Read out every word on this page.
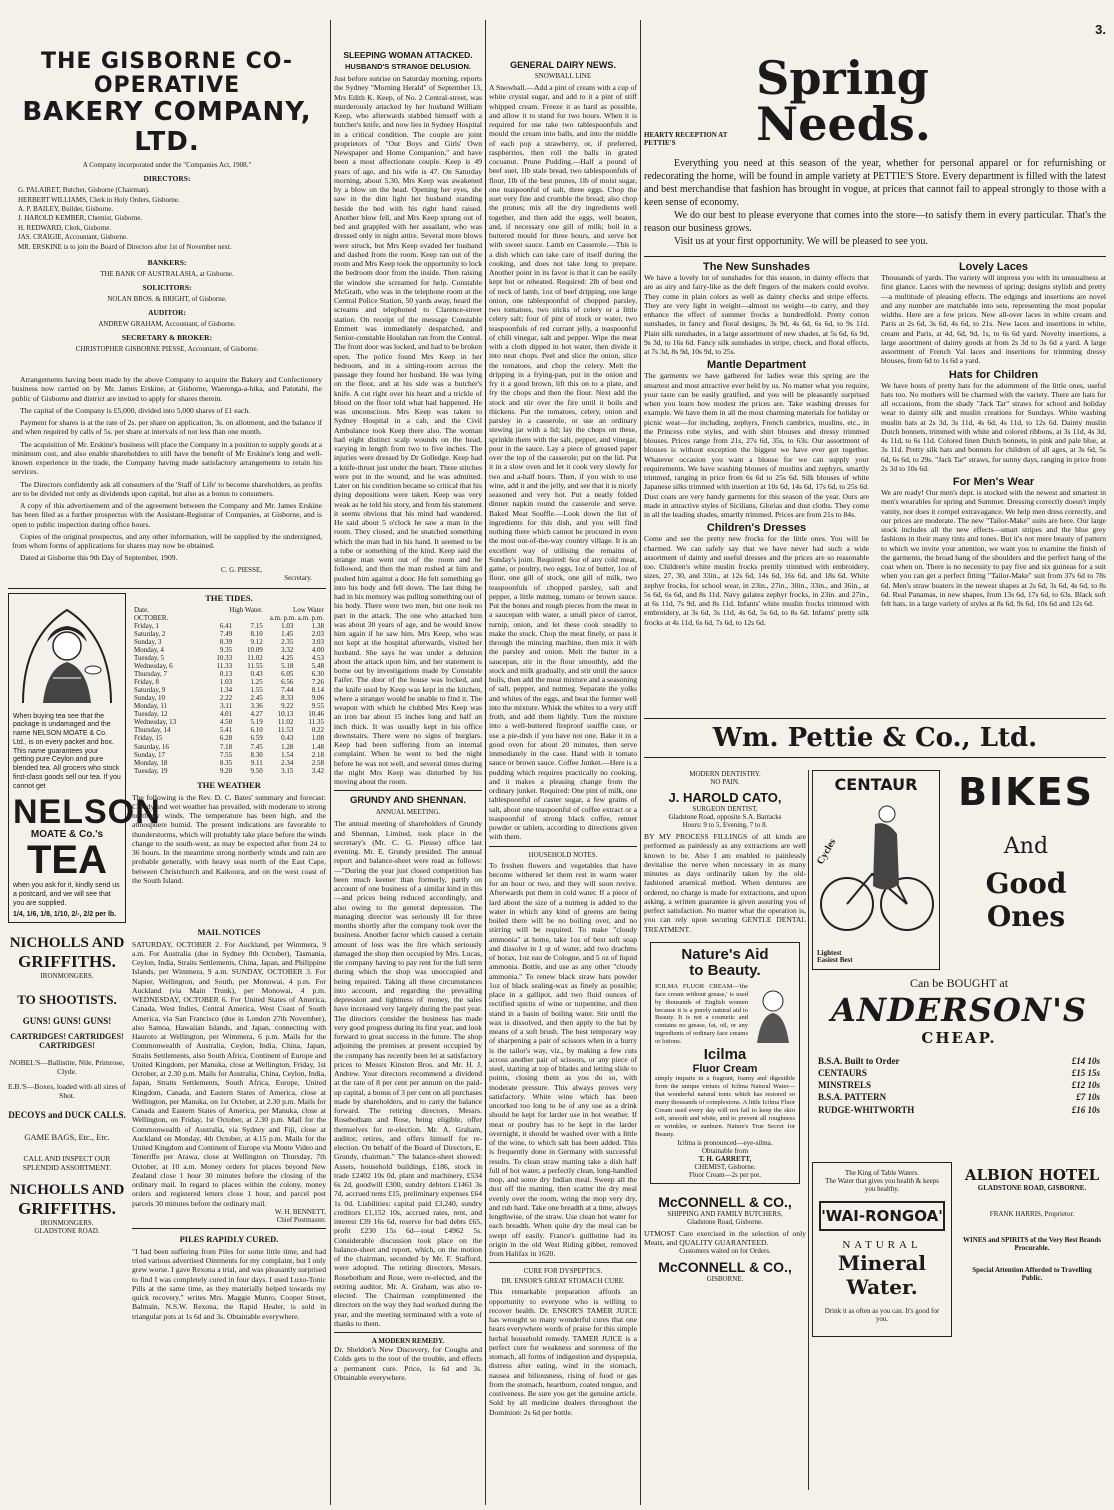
3.
THE GISBORNE CO-OPERATIVE
BAKERY COMPANY, LTD.
A Company incorporated under the "Companies Act, 1908."
DIRECTORS:
G. PALAIRET, Butcher, Gisborne (Chairman).
HERBERT WILLIAMS, Clerk in Holy Orders, Gisborne.
A. P. BAILEY, Builder, Gisborne.
J. HAROLD KEMBER, Chemist, Gisborne.
H. REDWARD, Clerk, Gisborne.
JAS. CRAIGIE, Accountant, Gisborne.
MR. ERSKINE is to join the Board of Directors after 1st of November next.
BANKERS:
THE BANK OF AUSTRALASIA, at Gisborne.
SOLICITORS:
NOLAN BROS. & BRIGHT, of Gisborne.
AUDITOR:
ANDREW GRAHAM, Accountant, of Gisborne.
SECRETARY & BROKER:
CHRISTOPHER GISBORNE PIESSE, Accountant, of Gisborne.

Arrangements having been made by the above Company to acquire the Bakery and Confectionery business now carried on by Mr. James Erskine, at Gisborne, Waerenga-a-hika, and Patutahi, the public of Gisborne and district are invited to apply for shares therein.

The capital of the Company is £5,000, divided into 5,000 shares of £1 each.

Payment for shares is at the rate of 2s. per share on application, 3s. on allotment, and the balance if and when required by calls of 5s. per share at intervals of not less than one month.

The acquisition of Mr. Erskine's business will place the Company in a position to supply goods at a minimum cost, and also enable shareholders to still have the benefit of Mr Erskine's long and well-known experience in the trade, the Company having made satisfactory arrangements to retain his services.

The Directors confidently ask all consumers of the 'Staff of Life' to become shareholders, as profits are to be divided not only as dividends upon capital, but also as a bonus to consumers.

A copy of this advertisement and of the agreement between the Company and Mr. James Erskine has been filed as a further prospectus with the Assistant-Registrar of Companies, at Gisborne, and is open to public inspection during office hours.

Copies of the original prospectus, and any other information, will be supplied by the undersigned, from whom forms of applications for shares may now be obtained.

Dated at Gisborne this 9th Day of September, 1909.

C. G. PIESSE,
Secretary.
When buying tea see that the package is undamaged and the name NELSON MOATE & Co. Ltd., is on every packet and box. This name guarantees your getting pure Ceylon and pure blended tea. All grocers who stock first-class goods sell our tea. If you cannot get
NELSON
MOATE & Co.'s
TEA
when you ask for it, kindly send us a postcard, and we will see that you are supplied.
1/4, 1/6, 1/8, 1/10, 2/-, 2/2 per lb.
THE TIDES.
Date.	High Water.		Low Water	
OCTOBER.	a.m. p.m. a.m. p.m.			
Friday, 1	6.41	7.15	1.03	1.38
Saturday, 2	7.49	8.10	1.45	2.03
Sunday, 3	8.39	9.12	2.35	3.03
Monday, 4	9.35	10.09	3.32	4.00
Tuesday, 5	10.33	11.02	4.25	4.53
Wednesday, 6	11.33	11.55	5.18	5.48
Thursday, 7	0.13	0.43	6.05	6.30
Friday, 8	1.03	1.25	6.56	7.26
Saturday, 9	1.34	1.55	7.44	8.14
Sunday, 10	2.22	2.45	8.33	9.06
Monday, 11	3.11	3.36	9.22	9.55
Tuesday, 12	4.01	4.27	10.13	10.46
Wednesday, 13	4.50	5.19	11.02	11.35
Thursday, 14	5.41	6.10	11.53	0.22
Friday, 15	6.28	6.59	0.43	1.08
Saturday, 16	7.18	7.45	1.28	1.48
Sunday, 17	7.55	8.30	1.54	2.18
Monday, 18	8.35	9.11	2.34	2.58
Tuesday, 19	9.20	9.50	3.15	3.42
THE WEATHER
The following is the Rev. D. C. Bates' summary and forecast: Cloudy and wet weather has prevailed, with moderate to strong northerly winds. The temperature has been high, and the atmosphere humid. The present indications are favorable to thunderstorms, which will probably take place before the winds change to the south-west, as may be expected after from 24 to 36 hours. In the meantime strong northerly winds and rain are probable generally, with heavy seas north of the East Cape, between Christchurch and Kaikoura, and on the west coast of the South Island.
NICHOLLS AND
GRIFFITHS.
IRONMONGERS.
TO SHOOTISTS.
GUNS! GUNS! GUNS!
CARTRIDGES! CARTRIDGES! CARTRIDGES!
NOBEL'S—Ballistite, Nile, Primrose, Clyde.
E.B.'S—Boxes, loaded with all sizes of Shot.
DECOYS and DUCK CALLS.
GAME BAGS, Etc., Etc.
CALL AND INSPECT OUR SPLENDID ASSORTMENT.
NICHOLLS AND
GRIFFITHS.
IRONMONGERS.
GLADSTONE ROAD.
MAIL NOTICES
SATURDAY, OCTOBER 2. For Auckland, per Wimmera, 9 a.m. For Australia (due in Sydney 8th October), Tasmania, Ceylon, India, Straits Settlements, China, Japan, and Philippine Islands, per Wimmera, 9 a.m. SUNDAY, OCTOBER 3. For Napier, Wellington, and South, per Monowai, 4 p.m. For Auckland (via Main Trunk), per Monowai, 4 p.m. WEDNESDAY, OCTOBER 6. For United States of America, Canada, West Indies, Central America, West Coast of South America, via San Francisco (due in London 27th November), also Samoa, Hawaiian Islands, and Japan, connecting with Hauroto at Wellington, per Wimmera, 6 p.m. Mails for the Commonwealth of Australia, Ceylon, India, China, Japan, Straits Settlements, also South Africa, Continent of Europe and United Kingdom, per Manuka, close at Wellington, Friday, 1st October, at 2.30 p.m. Mails for Australia, China, Ceylon, India, Japan, Straits Settlements, South Africa, Europe, United Kingdom, Canada, and Eastern States of America, close at Wellington, per Manuka, on 1st October, at 2.30 p.m. Mails for Canada and Eastern States of America, per Manuka, close at Wellington, on Friday, 1st October, at 2.30 p.m. Mail for the Commonwealth of Australia, via Sydney and Fiji, close at Auckland on Monday, 4th October, at 4.15 p.m. Mails for the United Kingdom and Continent of Europe via Monte Video and Teneriffe per Arawa, close at Wellington on Thursday, 7th October, at 10 a.m. Money orders for places beyond New Zealand close 1 hour 30 minutes before the closing of the ordinary mail. In regard to places within the colony, money orders and registered letters close 1 hour, and parcel post parcels 30 minutes before the ordinary mail.
W. H. BENNETT,
Chief Postmaster.
PILES RAPIDLY CURED.
"I had been suffering from Piles for some little time, and had tried various advertised Ointments for my complaint, but I only grew worse. I gave Rexona a trial, and was pleasantly surprised to find I was completely cured in four days. I used Luxo-Tonic Pills at the same time, as they materially helped towards my quick recovery." writes Mrs. Maggie Munro, Cooper Street, Balmain, N.S.W. Rexona, the Rapid Healer, is sold in triangular pots at 1s 6d and 3s. Obtainable everywhere.
SLEEPING WOMAN ATTACKED.
HUSBAND'S STRANGE DELUSION.
Just before sunrise on Saturday morning, reports the Sydney "Morning Herald" of September 13, Mrs Edith K. Keep, of No. 2 Central-street, was murderously attacked by her husband William Keep, who afterwards stabbed himself with a butcher's knife, and now lies in Sydney Hospital in a critical condition. The couple are joint proprietors of "Our Boys and Girls' Own Newspaper and Home Companion," and have been a most affectionate couple. Keep is 49 years of age, and his wife is 47. On Saturday morning, about 5.30, Mrs Keep was awakened by a blow on the head. Opening her eyes, she saw in the dim light her husband standing beside the bed with his right hand raised. Another blow fell, and Mrs Keep sprang out of bed and grappled with her assailant, who was dressed only in night attire. Several more blows were struck, but Mrs Keep evaded her husband and dashed from the room. Keep ran out of the room and Mrs Keep took the opportunity to lock the bedroom door from the inside. Then raising the window she screamed for help. Constable McGrath, who was in the telephone room at the Central Police Station, 50 yards away, heard the screams and telephoned to Clarence-street station. On receipt of the message Constable Emmett was immediately despatched, and Senior-constable Houlahan ran from the Central. The front door was locked, and had to be broken open. The police found Mrs Keep in her bedroom, and in a sitting-room across the passage they found her husband. He was lying on the floor, and at his side was a butcher's knife. A cut right over his heart and a trickle of blood on the floor told what had happened. He was unconscious. Mrs Keep was taken to Sydney Hospital in a cab, and the Civil Ambulance took Keep there also. The woman had eight distinct scalp wounds on the head, varying in length from two to five inches. The injuries were dressed by Dr Golledge. Keep had a knife-thrust just under the heart. Three stitches were put in the wound, and he was admitted. Later on his condition became so critical that his dying depositions were taken. Keep was very weak as he told his story, and from his statement it seems obvious that his mind had wandered. He said about 5 o'clock he saw a man in the room. They closed, and he snatched something which the man had in his hand. It seemed to be a tube or something of the kind. Keep said the strange man went out of the room and he followed, and then the man rushed at him and pushed him against a door. He felt something go into his body and fell down. The last thing he had in his memory was pulling something out of his body. There were two men, but one took no part in the attack. The one who attacked him was about 30 years of age, and he would know him again if he saw him. Mrs Keep, who was not kept at the hospital afterwards, visited her husband. She says he was under a delusion about the attack upon him, and her statement is borne out by investigations made by Constable Faifer. The door of the house was locked, and the knife used by Keep was kept in the kitchen, where a stranger would be unable to find it. The weapon with which he clubbed Mrs Keep was an iron bar about 15 inches long and half an inch thick. It was usually kept in his office downstairs. There were no signs of burglars. Keep had been suffering from an internal complaint. When he went to bed the night before he was not well, and several times during the night Mrs Keep was disturbed by his moving about the room.
GRUNDY AND SHENNAN.
ANNUAL MEETING.
The annual meeting of shareholders of Grundy and Shennan, Limited, took place in the secretary's (Mr. C. G. Piesse) office last evening. Mr. E. Grundy presided. The annual report and balance-sheet were read as follows:—"During the year just closed competition has been much keener than formerly, partly on account of one business of a similar kind in this—and prices being reduced accordingly, and also owing to the general depression. The managing director was seriously ill for three months shortly after the company took over the business. Another factor which caused a certain amount of loss was the fire which seriously damaged the shop then occupied by Mrs. Lucas, the company having to pay rent for the full term during which the shop was unoccupied and being repaired. Taking all these circumstances into account, and regarding the prevailing depression and tightness of money, the sales have increased very largely during the past year. The directors consider the business has made very good progress during its first year, and look forward to great success in the future. The shop adjoining the premises at present occupied by the company has recently been let at satisfactory prices to Messrs Kinston Bros. and Mr. H. J. Andrew. Your directors recommend a dividend at the rate of 8 per cent per annum on the paid-up capital, a bonus of 3 per cent on all purchases made by shareholders, and to carry the balance forward. The retiring directors, Messrs. Rosebotham and Rose, being eligible, offer themselves for re-election. Mr. A. Graham, auditor, retires, and offers himself for re-election. On behalf of the Board of Directors, E. Grundy, chairman." The balance-sheet showed: Assets, household buildings, £186, stock in trade £2402 10s 0d, plant and machinery, £534 6s 2d, goodwill £300, sundry debtors £1461 3s 7d, accrued rents £15, preliminary expenses £64 1s 0d. Liabilities: capital paid £3,240, sundry creditors £1,152 10s, accrued rates, rent, and interest £39 16s 6d, reserve for bad debts £65, profit £230 15s 6d—total £4962 5s. Considerable discussion took place on the balance-sheet and report, which, on the motion of the chairman, seconded by Mr. F. Stafford, were adopted. The retiring directors, Messrs. Rosebotham and Rose, were re-elected, and the retiring auditor, Mr. A. Graham, was also re-elected. The Chairman complimented the directors on the way they had worked during the year, and the meeting terminated with a vote of thanks to them.
A MODERN REMEDY.
Dr. Sheldon's New Discovery, for Coughs and Colds gets to the root of the trouble, and effects a permanent cure. Price, 1s 6d and 3s. Obtainable everywhere.
GENERAL DAIRY NEWS.
SNOWBALL LINE
A Snowball.—Add a pint of cream with a cup of white crystal sugar, and add to it a pint of stiff whipped cream. Freeze it as hard as possible, and allow it to stand for two hours. When it is required for use take two tablespoonfuls and mould the cream into balls, and into the middle of each pop a strawberry, or, if preferred, raspberries, then roll the balls in grated cocoanut. Prune Pudding.—Half a pound of beef suet, 1lb stale bread, two tablespoonfuls of flour, 1lb of the best prunes, 1lb of moist sugar, one teaspoonful of salt, three eggs. Chop the suet very fine and crumble the bread; also chop the prunes; mix all the dry ingredients well together, and then add the eggs, well beaten, and, if necessary one gill of milk; boil in a buttered mould for three hours, and serve hot with sweet sauce. Lamb en Casserole.—This is a dish which can take care of itself during the cooking, and does not take long to prepare. Another point in its favor is that it can be easily kept hot or reheated. Required: 2lb of best end of neck of lamb, 1oz of beef dripping, one large onion, one tablespoonful of chopped parsley, two tomatoes, two sticks of celery or a little celery salt; four of pint of stock or water, two teaspoonfuls of red currant jelly, a teaspoonful of chili vinegar, salt and pepper. Wipe the meat with a cloth dipped in hot water, then divide it into neat chops. Peel and slice the onion, slice the tomatoes, and chop the celery. Melt the dripping in a frying-pan, put in the onion and fry it a good brown, lift this on to a plate, and fry the chops and then the flour. Next add the stock and stir over the fire until it boils and thickens. Put the tomatoes, celery, onion and parsley in a casserole, or use an ordinary stewing jar with a lid; lay the chops on these, sprinkle them with the salt, pepper, and vinegar, pour in the sauce. Lay a piece of greased paper over the top of the casserole; put on the lid. Put it in a slow oven and let it cook very slowly for two and a-half hours. Then, if you wish to use wine, add it and the jelly, and see that it is nicely seasoned and very hot. Put a neatly folded dinner napkin round the casserole and serve. Baked Meat Souffle.—Look down the list of ingredients for this dish, and you will find nothing there which cannot be procured in even the most out-of-the-way country village. It is an excellent way of utilising the remains of Sunday's joint. Required: 6oz of any cold meat, game, or poultry, two eggs, 1oz of butter, 1oz of flour, one gill of stock, one gill of milk, two teaspoonfuls of chopped parsley, salt and pepper, a little nutmeg, tomato or brown sauce. Put the bones and rough pieces from the meat in a saucepan with water, a small piece of carrot, turnip, onion, and let these cook steadily to make the stock. Chop the meat finely, or pass it through the mincing machine, then mix it with the parsley and onion. Melt the butter in a saucepan, stir in the flour smoothly, add the stock and milk gradually, and stir until the sauce boils, then add the meat mixture and a seasoning of salt, pepper, and nutmeg. Separate the yolks and whites of the eggs, and beat the former well into the mixture. Whisk the whites to a very stiff froth, and add them lightly. Turn the mixture into a well-buttered fireproof souffle case, or use a pie-dish if you have not one. Bake it in a good oven for about 20 minutes, then serve immediately in the case. Hand with it tomato sauce or brown sauce. Coffee Junket.—Here is a pudding which requires practically no cooking, and it makes a pleasing change from the ordinary junket. Required: One pint of milk, one tablespoonful of caster sugar, a few grains of salt, about one teaspoonful of coffee extract or a teaspoonful of strong black coffee, rennet powder or tablets, according to directions given with them.
HOUSEHOLD NOTES.
To freshen flowers and vegetables that have become withered let them rest in warm water for an hour or two, and they will soon revive. Afterwards put them in cold water. If a piece of lard about the size of a nutmeg is added to the water in which any kind of greens are being boiled there will be no boiling over, and no stirring will be required. To make "cloudy ammonia" at home, take 1oz of best soft soap and dissolve in 1 qt of water, add two drachms of borax, 1oz eau de Cologne, and 5 oz of liquid ammonia. Bottle, and use as any other "cloudy ammonia." To renew black straw hats powder 1oz of black sealing-wax as finely as possible; place in a gallipot, add two fluid ounces of rectified spirits of wine or turpentine, and then stand in a basin of boiling water. Stir until the wax is dissolved, and then apply to the hat by means of a soft brush. The best temporary way of sharpening a pair of scissors when in a hurry is the tailor's way, viz., by making a few cuts across another pair of scissors, or any piece of steel, starting at top of blades and letting slide to points, closing them as you do so, with moderate pressure. This always proves very satisfactory. White wine which has been uncorked too long to be of any use as a drink should be kept for larder use in hot weather. If meat or poultry has to be kept in the larder overnight, it should be washed over with a little of the wine, to which salt has been added. This is frequently done in Germany with successful results. To clean straw matting take a dish half full of hot water, a perfectly clean, long-handled mop, and some dry Indian meal. Sweep all the dust off the matting, then scatter the dry meal evenly over the room, wring the mop very dry, and rub hard. Take one breadth at a time, always lengthwise, of the straw. Use clean hot water for each breadth. When quite dry the meal can be swept off easily. France's guillotine had its origin in the old West Riding gibbet, removed from Halifax in 1620.
CURE FOR DYSPEPTICS.
DR. ENSOR'S GREAT STOMACH CURE.
This remarkable preparation affords an opportunity to everyone who is willing to recover health. Dr. ENSOR'S TAMER JUICE has wrought so many wonderful cures that one hears everywhere words of praise for this simple herbal household remedy. TAMER JUICE is a perfect cure for weakness and soreness of the stomach, all forms of indigestion and dyspepsia, distress after eating, wind in the stomach, nausea and biliousness, rising of food or gas from the stomach, heartburn, coated tongue, and costiveness. Be sure you get the genuine article. Sold by all medicine dealers throughout the Dominion: 2s 6d per bottle.
HEARTY RECEPTION AT PETTIE'S
Spring Needs.
Everything you need at this season of the year, whether for personal apparel or for refurnishing or redecorating the home, will be found in ample variety at PETTIE'S Store. Every department is filled with the latest and best merchandise that fashion has brought in vogue, at prices that cannot fail to appeal strongly to those with a keen sense of economy.
We do our best to please everyone that comes into the store—to satisfy them in every particular. That's the reason our business grows.
Visit us at your first opportunity. We will be pleased to see you.
The New Sunshades
We have a lovely lot of sunshades for this season, in dainty effects that are as airy and fairy-like as the deft fingers of the makers could evolve. They come in plain colors as well as dainty checks and stripe effects. They are very light in weight—almost no weight—to carry, and they enhance the effect of summer frocks a hundredfold. Pretty cotton sunshades, in fancy and floral designs, 3s 9d, 4s 6d, 6s 6d, to 9s 11d. Plain silk sunshades, in a large assortment of new shades, at 5s 6d, 6s 9d, 9s 3d, to 16s 6d. Fancy silk sunshades in stripe, check, and floral effects, at 7s 3d, 8s 9d, 10s 9d, to 25s.
Mantle Department
The garments we have gathered for ladies wear this spring are the smartest and most attractive ever held by us. No matter what you require, your taste can be easily gratified, and you will be pleasantly surprised when you learn how modest the prices are. Take washing dresses for example. We have them in all the most charming materials for holiday or picnic wear—for including, zephyrs, French cambrics, muslins, etc., in the Princess robe styles, and with shirt blouses and dressy trimmed blouses. Prices range from 21s, 27s 6d, 35s, to 63s. Our assortment of blouses is without exception the biggest we have ever got together. Whatever occasion you want a blouse for we can supply your requirements. We have washing blouses of muslins and zephyrs, smartly trimmed, ranging in price from 6s 6d to 25s 6d. Silk blouses of white Japanese silks trimmed with insertion at 10s 6d, 14s 6d, 17s 6d, to 25s 6d. Dust coats are very handy garments for this season of the year. Ours are made in attractive styles of Sicilians, Glorias and dust cloths. They come in all the leading shades, smartly trimmed. Prices are from 21s to 84s.
Children's Dresses
Come and see the pretty new frocks for the little ones. You will be charmed. We can safely say that we have never had such a wide assortment of dainty and useful dresses and the prices are so reasonable too. Children's white muslin frocks prettily trimmed with embroidery, sizes, 27, 30, and 33in., at 12s 6d, 14s 6d, 16s 6d, and 18s 6d. White zephyr frocks, for school wear, in 23in., 27in., 30in., 33in., and 36in., at 5s 6d, 6s 6d, and 8s 11d. Navy galatea zephyr frocks, in 23in. and 27in., at 6s 11d, 7s 9d, and 8s 11d. Infants' white muslin frocks trimmed with embroidery, at 3s 6d, 3s 11d, 4s 6d, 5s 6d, to 8s 6d. Infants' pretty silk frocks at 4s 11d, 6s 6d, 7s 6d, to 12s 6d.
Lovely Laces
Thousands of yards. The variety will impress you with its unusualness at first glance. Laces with the newness of spring; designs stylish and pretty—a multitude of pleasing effects. The edgings and insertions are novel and any number are matchable into sets, representing the most popular widths. Here are a few prices. New all-over laces in white cream and Paris at 2s 6d, 3s 6d, 4s 6d, to 21s. New laces and insertions in white, cream and Paris, at 4d, 6d, 9d, 1s, to 6s 6d yard. Novelty insertions, a large assortment of dainty goods at from 2s 3d to 3s 6d a yard. A large assortment of French Val laces and insertions for trimming dressy blouses, from 6d to 1s 6d a yard.
Hats for Children
We have hosts of pretty hats for the adornment of the little ones, useful hats too. No mothers will be charmed with the variety. There are hats for all occasions, from the shady "Jack Tar" straws for school and holiday wear to dainty silk and muslin creations for Sundays. White washing muslin hats at 2s 3d, 3s 11d, 4s 6d, 4s 11d, to 12s 6d. Dainty muslin Dutch bonnets, trimmed with white and colored ribbons, at 3s 11d, 4s 3d, 4s 11d, to 6s 11d. Colored linen Dutch bonnets, in pink and pale blue, at 3s 11d. Pretty silk hats and bonnets for children of all ages, at 3s 6d, 5s 6d, 6s 6d, to 29s. "Jack Tar" straws, for sunny days, ranging in price from 2s 3d to 10s 6d.
For Men's Wear
We are ready! Our men's dept. is stocked with the newest and smartest in men's wearables for spring and Summer. Dressing correctly doesn't imply vanity, nor does it compel extravagance. We help men dress correctly, and our prices are moderate. The new "Tailor-Make" suits are here. Our large stock includes all the new effects—smart stripes and the blue grey fashions in their many tints and tones. But it's not mere beauty of pattern to which we invite your attention, we want you to examine the finish of the garments, the broad hang of the shoulders and the perfect hang of the coat when on. There is no necessity to pay five and six guineas for a suit when you can get a perfect fitting "Tailor-Make" suit from 37s 6d to 78s 6d. Men's straw boaters in the newest shapes at 2s 6d, 3s 6d, 4s 6d, to 8s 6d. Real Panamas, in new shapes, from 13s 6d, 17s 6d, to 63s. Black soft felt hats, in a large variety of styles at 8s 6d, 9s 6d, 10s 6d and 12s 6d.
Wm. Pettie & Co., Ltd.
MODERN DENTISTRY.
NO PAIN.
J. HAROLD CATO,
SURGEON DENTIST,
Gladstone Road, opposite S.A. Barracks
Hours: 9 to 5, Evening, 7 to 8.
BY MY PROCESS FILLINGS of all kinds are performed as painlessly as any extractions are well known to be. Also I am enabled to painlessly devitalise the nerve when necessary in as many minutes as days ordinarily taken by the old-fashioned arsenical method. When dentures are ordered, no charge is made for extractions, and upon asking, a written guarantee is given assuring you of perfect satisfaction. No matter what the operation is, you can rely upon securing GENTLE DENTAL TREATMENT.
Nature's Aid
to Beauty.
ICILMA FLUOR CREAM—'the face cream without grease,' is used by thousands of English women because it is a purely natural aid to Beauty. It is not a cosmetic and contains no grease, fat, oil, or any ingredients of ordinary face creams or lotions.
Icilma
Fluor Cream
simply imparts in a fragrant, foamy and digestible form the unique virtues of Icilma Natural Water—that wonderful natural tonic which has restored so many thousands of complexions. A little Icilma Fluor Cream used every day will not fail to keep the skin soft, smooth and white, and to prevent all roughness or wrinkles, or sunburn. Nature's True Secret for Beauty.
Icilma is pronounced—eye-silma.
Obtainable from
T. H. GARRETT,
CHEMIST, Gisborne.
Fluor Cream—2s per pot.
McCONNELL & CO.,
SHIPPING AND FAMILY BUTCHERS,
Gladstone Road, Gisborne.
UTMOST Care exercised in the selection of only Meats, and QUALITY GUARANTEED.
Customers waited on for Orders.
McCONNELL & CO.,
GISBORNE.
CENTAUR
Cycles
Lightest Easiest Best
BIKES
And
Good
Ones
Can be BOUGHT at
ANDERSON'S
CHEAP.
B.S.A. Built to Order	£14 10s
CENTAURS	£15 15s
MINSTRELS	£12 10s
B.S.A. PATTERN	£7 10s
RUDGE-WHITWORTH	£16 10s
The King of Table Waters.
The Water that gives you health & keeps you healthy.
'WAI-RONGOA'
NATURAL
Mineral Water.
Drink it as often as you can. It's good for you.
ALBION HOTEL
GLADSTONE ROAD, GISBORNE.
FRANK HARRIS, Proprietor.
WINES and SPIRITS of the Very Best Brands Procurable.
Special Attention Afforded to Travelling Public.
